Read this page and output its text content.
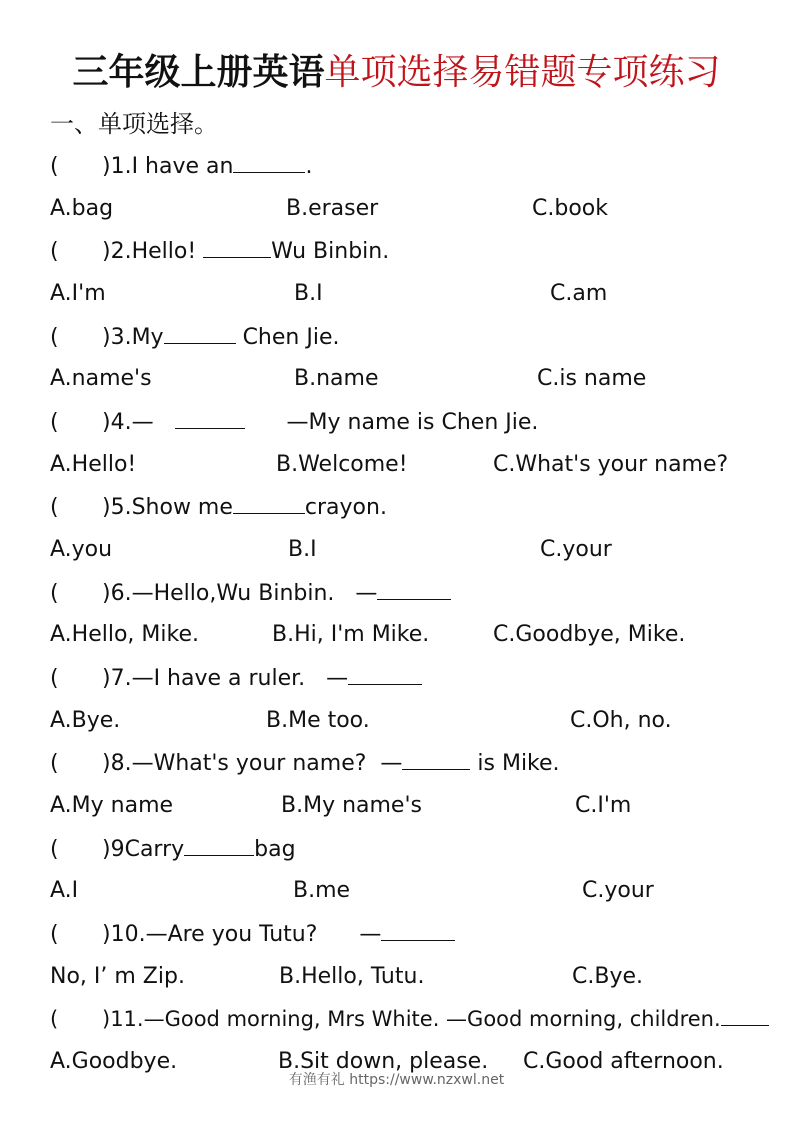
三年级上册英语单项选择易错题专项练习
一、单项选择。
( )1.I have an	.
A.bag	B.eraser	C.book
( )2.Hello!	Wu Binbin.
A.I'm	B.I	C.am
( )3.My	Chen Jie.
A.name's	B.name	C.is name
( )4.—	—My name is Chen Jie.
A.Hello!	B.Welcome!	C.What's your name?
( )5.Show me	crayon.
A.you	B.I	C.your
( )6.—Hello,Wu Binbin.   —
A.Hello, Mike.	B.Hi, I'm Mike.	C.Goodbye, Mike.
( )7.—I have a ruler.   —
A.Bye.	B.Me too.	C.Oh, no.
( )8.—What's your name?  —	is Mike.
A.My name	B.My name's	C.I'm
( )9Carry	bag
A.I	B.me	C.your
( )10.—Are you Tutu?      —
No, I’ m Zip.	B.Hello, Tutu.	C.Bye.
( )11.—Good morning, Mrs White. —Good morning, children.
A.Goodbye.	B.Sit down, please. C.Good afternoon.
有渔有礼 https://www.nzxwl.net
